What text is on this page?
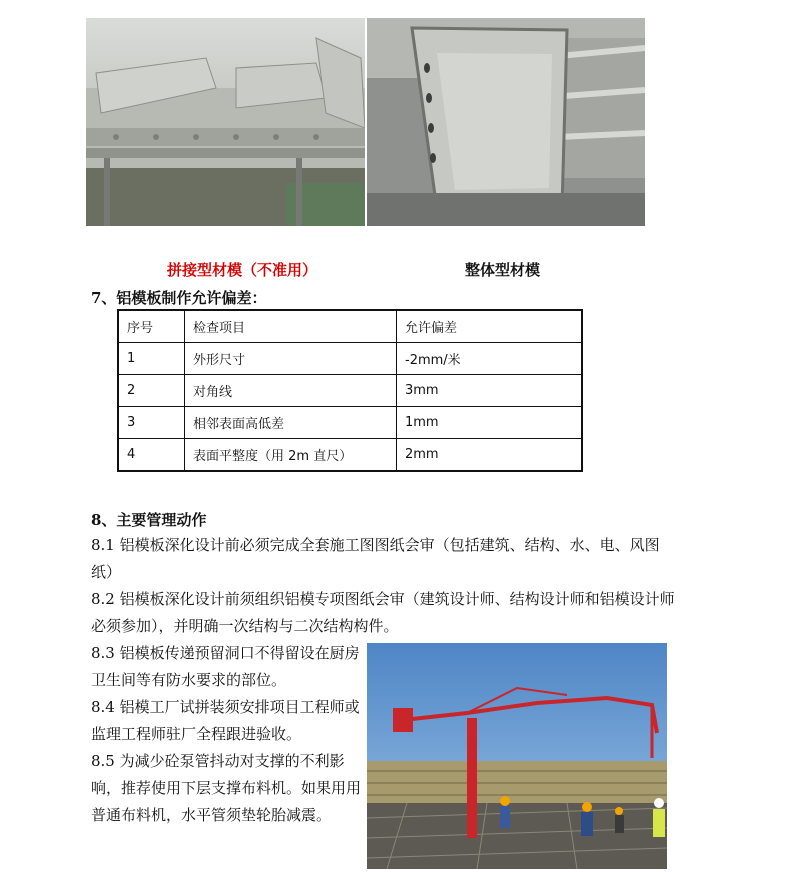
拼接型材模（不准用）	整体型材模
7、铝模板制作允许偏差：
序号	检查项目	允许偏差
1	外形尺寸	-2mm/米
2	对角线	3mm
3	相邻表面高低差	1mm
4	表面平整度（用 2m 直尺）	2mm
8、主要管理动作
8.1 铝模板深化设计前必须完成全套施工图图纸会审（包括建筑、结构、水、电、风图纸）
8.2 铝模板深化设计前须组织铝模专项图纸会审（建筑设计师、结构设计师和铝模设计师必须参加），并明确一次结构与二次结构构件。
8.3 铝模板传递预留洞口不得留设在厨房卫生间等有防水要求的部位。
8.4 铝模工厂试拼装须安排项目工程师或监理工程师驻厂全程跟进验收。
8.5 为减少砼泵管抖动对支撑的不利影响，推荐使用下层支撑布料机。如果用用普通布料机，水平管须垫轮胎减震。
